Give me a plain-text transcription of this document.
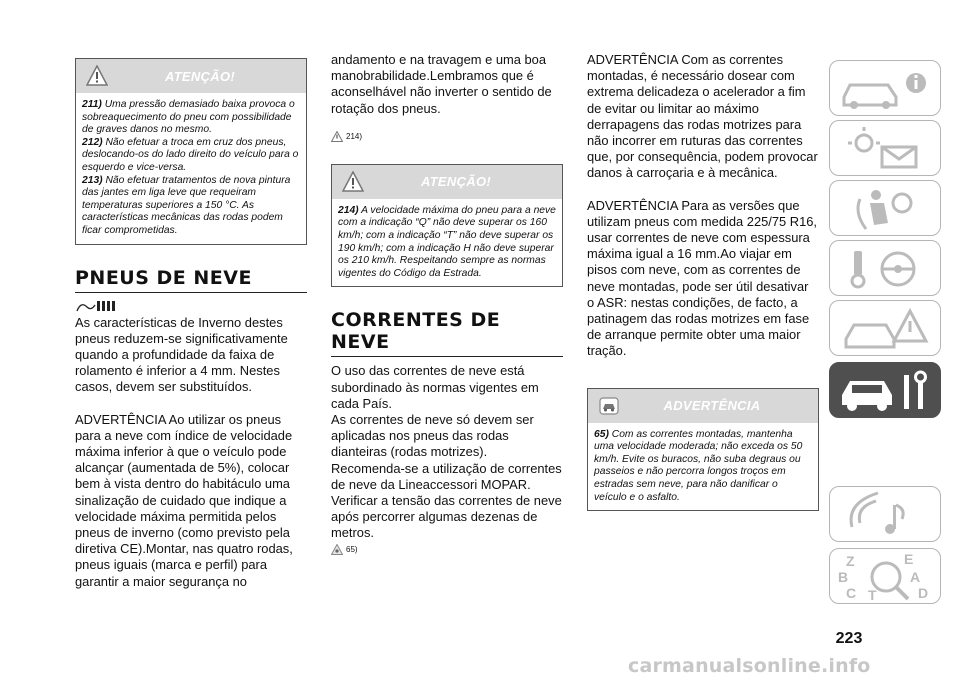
ATENÇÃO!

211) Uma pressão demasiado baixa provoca o sobreaquecimento do pneu com possibilidade de graves danos no mesmo.

212) Não efetuar a troca em cruz dos pneus, deslocando-os do lado direito do veículo para o esquerdo e vice-versa.

213) Não efetuar tratamentos de nova pintura das jantes em liga leve que requeiram temperaturas superiores a 150 °C. As características mecânicas das rodas podem ficar comprometidas.

PNEUS DE NEVE

As características de Inverno destes pneus reduzem-se significativamente quando a profundidade da faixa de rolamento é inferior a 4 mm. Nestes casos, devem ser substituídos.

ADVERTÊNCIA Ao utilizar os pneus para a neve com índice de velocidade máxima inferior à que o veículo pode alcançar (aumentada de 5%), colocar bem à vista dentro do habitáculo uma sinalização de cuidado que indique a velocidade máxima permitida pelos pneus de inverno (como previsto pela diretiva CE).Montar, nas quatro rodas, pneus iguais (marca e perfil) para garantir a maior segurança no

andamento e na travagem e uma boa manobrabilidade.Lembramos que é aconselhável não inverter o sentido de rotação dos pneus.

214)
ATENÇÃO!

214) A velocidade máxima do pneu para a neve com a indicação “Q” não deve superar os 160 km/h; com a indicação “T” não deve superar os 190 km/h; com a indicação H não deve superar os 210 km/h. Respeitando sempre as normas vigentes do Código da Estrada.

CORRENTES DE NEVE

O uso das correntes de neve está subordinado às normas vigentes em cada País.

As correntes de neve só devem ser aplicadas nos pneus das rodas dianteiras (rodas motrizes).

Recomenda-se a utilização de correntes de neve da Lineaccessori MOPAR. Verificar a tensão das correntes de neve após percorrer algumas dezenas de metros.

65)

ADVERTÊNCIA Com as correntes montadas, é necessário dosear com extrema delicadeza o acelerador a fim de evitar ou limitar ao máximo derrapagens das rodas motrizes para não incorrer em ruturas das correntes que, por consequência, podem provocar danos à carroçaria e à mecânica.

ADVERTÊNCIA Para as versões que utilizam pneus com medida 225/75 R16, usar correntes de neve com espessura máxima igual a 16 mm.Ao viajar em pisos com neve, com as correntes de neve montadas, pode ser útil desativar o ASR: nestas condições, de facto, a patinagem das rodas motrizes em fase de arranque permite obter uma maior tração.

ADVERTÊNCIA

65) Com as correntes montadas, mantenha uma velocidade moderada; não exceda os 50 km/h. Evite os buracos, não suba degraus ou passeios e não percorra longos troços em estradas sem neve, para não danificar o veículo e o asfalto.

Z	E
B	A
C T	D
223
carmanualsonline.info
